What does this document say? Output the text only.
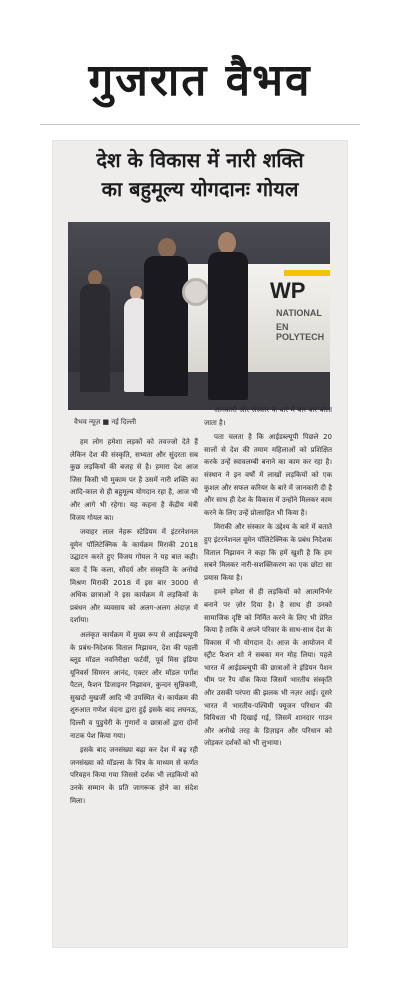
गुजरात वैभव
देश के विकास में नारी शक्ति
का बहुमूल्य योगदानः गोयल
WP
NATIONAL
EN POLYTECH
वैभव न्यूज़ ■ नई दिल्ली

हम लोग हमेशा लड़कों को तवज्जो देते हैं लेकिन देश की संस्कृति, सभ्यता और सुंदरता सब कुछ लड़कियों की बजह से है। हमारा देश आज जिस किसी भी मुकाम पर है उसमें नारी शक्ति का आदि-काल से ही बहुमूल्य योगदान रहा है, आज भी और आगे भी रहेगा। यह कहना है केंद्रीय मंत्री विजय गोयल का।

जवाहर लाल नेहरू स्टेडियम में इंटरनेशनल वूमेन पॉलिटेक्निक के कार्यक्रम मिराकी 2018 उद्घाटन करते हुए विजय गोयल ने यह बात कही। बता दें कि कला, सौंदर्य और संस्कृति के अनोखे मिश्रण मिराकी 2018 में इस बार 3000 से अधिक छात्राओं ने इस कार्यक्रम में लड़कियों के प्रबंधन और व्यवसाय को अलग-अलग अंदाज़ में दर्शाया।

अलंकृत कार्यक्रम में मुख्य रूप से आईडब्ल्यूपी के प्रबंध-निदेशक विताल निझावन, देश की पहली ब्लूड मॉडल नवनिरीक्षा फर्टवीं, पूर्व मिस इंडिया यूनिवर्स सिमरन आनंद, एक्टर और मॉडल पर्गोश पैटल, फैशन डिजाइनर निझावन, कुन्दन सुन्निकमी, सुखदो मुखर्जी आदि भी उपस्थित थे। कार्यक्रम की शुरुआत गणेश वंदना द्वारा हुई इसके बाद लघनऊ, दिल्ली व पुडुचेरी के गुणारों व छात्राओं द्वारा दोनों नाटक पेश किया गया।

इसके बाद जनसंख्या बढ़ा कर देश में बढ़ रही जनसंख्या को मॉडल्स के चित्र के माध्यम से कर्णत परिवहन किया गया जिससे दर्शक भी लड़कियों को उनके सम्मान के प्रति जागरूक होने का संदेश मिला।

जानकारी और संस्कार के बारे में बार बार बोला जाता है।

पता चलता है कि आईडब्ल्यूपी पिछले 20 सालों से देश की तमाम महिलाओं को प्रशिक्षित करके उन्हें स्वावलम्बी बनाने का काम कर रहा है। संस्थान ने इन वर्षों में लाखों लड़कियों को एक कुशल और सफल करियर के बारे में जानकारी दी है और साथ ही देश के विकास में उन्होंने मिलकर काम करने के लिए उन्हें प्रोत्साहित भी किया है।

मिराकी और संस्कार के उद्देश्य के बारे में बताते हुए इंटरनेशनल वूमेन पॉलिटेक्निक के प्रबंध निदेशक विताल निझावन ने कहा कि हमें खुशी है कि हम सबने मिलकर नारी-सशक्तिकरण का एक छोटा सा प्रयास किया है।

हमने हमेशा से ही लड़कियों को आत्मनिर्भर बनाने पर ज़ोर दिया है। है साथ ही उनको सामाजिक दृष्टि को निर्मित करने के लिए भी प्रेरित किया है ताकि वे अपने परिवार के साथ-साथ देश के विकास में भी योगदान दे। आज के आयोजन में स्ट्रीट फैशन शो ने सबका मन मोह लिया। पहले भारत में आईडब्ल्यूपी की छात्राओं ने इंडियन पैशन थीम पर रैंप वॉक किया जिसमें भारतीय संस्कृति और उसकी परंपरा की झलक भी नज़र आई। दूसरे भारत में भारतीय-पश्चिमी फ्यूजन परिधान की विविधता भी दिखाई गई, जिसमें शानदार गाउन और अनोखे तरह के डिज़ाइन और परिधान को जोड़कर दर्शकों को भी लुभाया।
